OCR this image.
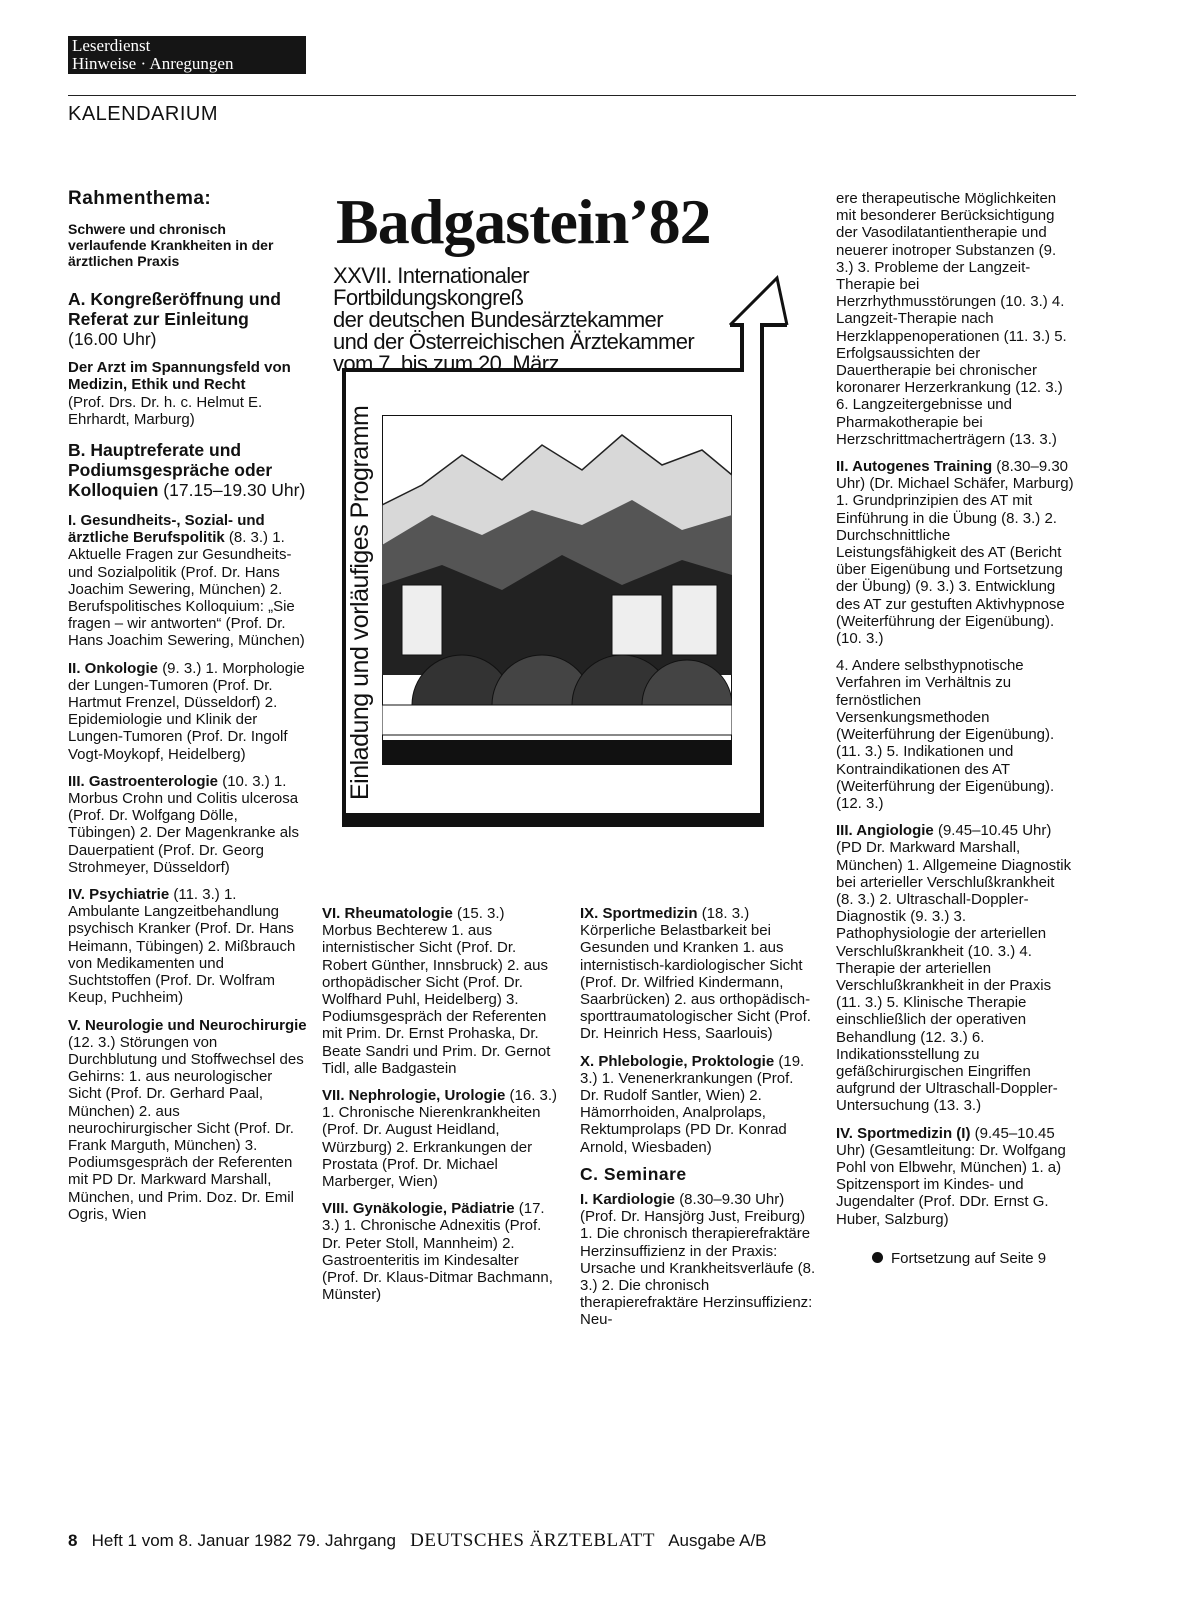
Leserdienst
Hinweise · Anregungen
KALENDARIUM
Rahmenthema:

Schwere und chronisch verlaufende Krankheiten in der ärztlichen Praxis

A. Kongreßeröffnung und Referat zur Einleitung

(16.00 Uhr)

Der Arzt im Spannungsfeld von Medizin, Ethik und Recht

(Prof. Drs. Dr. h. c. Helmut E. Ehrhardt, Marburg)

B. Hauptreferate und Podiumsgespräche oder Kolloquien (17.15–19.30 Uhr)

I. Gesundheits-, Sozial- und ärztliche Berufspolitik (8. 3.) 1. Aktuelle Fragen zur Gesundheits- und Sozialpolitik (Prof. Dr. Hans Joachim Sewering, München) 2. Berufspolitisches Kolloquium: „Sie fragen – wir antworten“ (Prof. Dr. Hans Joachim Sewering, München)

II. Onkologie (9. 3.) 1. Morphologie der Lungen-Tumoren (Prof. Dr. Hartmut Frenzel, Düsseldorf) 2. Epidemiologie und Klinik der Lungen-Tumoren (Prof. Dr. Ingolf Vogt-Moykopf, Heidelberg)

III. Gastroenterologie (10. 3.) 1. Morbus Crohn und Colitis ulcerosa (Prof. Dr. Wolfgang Dölle, Tübingen) 2. Der Magenkranke als Dauerpatient (Prof. Dr. Georg Strohmeyer, Düsseldorf)

IV. Psychiatrie (11. 3.) 1. Ambulante Langzeitbehandlung psychisch Kranker (Prof. Dr. Hans Heimann, Tübingen) 2. Mißbrauch von Medikamenten und Suchtstoffen (Prof. Dr. Wolfram Keup, Puchheim)

V. Neurologie und Neurochirurgie (12. 3.) Störungen von Durchblutung und Stoffwechsel des Gehirns: 1. aus neurologischer Sicht (Prof. Dr. Gerhard Paal, München) 2. aus neurochirurgischer Sicht (Prof. Dr. Frank Marguth, München) 3. Podiumsgespräch der Referenten mit PD Dr. Markward Marshall, München, und Prim. Doz. Dr. Emil Ogris, Wien

Badgastein’82
XXVII. Internationaler Fortbildungskongreß
der deutschen Bundesärztekammer
und der Österreichischen Ärztekammer
vom 7. bis zum 20. März
Einladung und vorläufiges Programm

VI. Rheumatologie (15. 3.) Morbus Bechterew 1. aus internistischer Sicht (Prof. Dr. Robert Günther, Innsbruck) 2. aus orthopädischer Sicht (Prof. Dr. Wolfhard Puhl, Heidelberg) 3. Podiumsgespräch der Referenten mit Prim. Dr. Ernst Prohaska, Dr. Beate Sandri und Prim. Dr. Gernot Tidl, alle Badgastein

VII. Nephrologie, Urologie (16. 3.) 1. Chronische Nierenkrankheiten (Prof. Dr. August Heidland, Würzburg) 2. Erkrankungen der Prostata (Prof. Dr. Michael Marberger, Wien)

VIII. Gynäkologie, Pädiatrie (17. 3.) 1. Chronische Adnexitis (Prof. Dr. Peter Stoll, Mannheim) 2. Gastroenteritis im Kindesalter (Prof. Dr. Klaus-Ditmar Bachmann, Münster)

IX. Sportmedizin (18. 3.) Körperliche Belastbarkeit bei Gesunden und Kranken 1. aus internistisch-kardiologischer Sicht (Prof. Dr. Wilfried Kindermann, Saarbrücken) 2. aus orthopädisch-sporttraumatologischer Sicht (Prof. Dr. Heinrich Hess, Saarlouis)

X. Phlebologie, Proktologie (19. 3.) 1. Venenerkrankungen (Prof. Dr. Rudolf Santler, Wien) 2. Hämorrhoiden, Analprolaps, Rektumprolaps (PD Dr. Konrad Arnold, Wiesbaden)

C. Seminare

I. Kardiologie (8.30–9.30 Uhr) (Prof. Dr. Hansjörg Just, Freiburg) 1. Die chronisch therapierefraktäre Herzinsuffizienz in der Praxis: Ursache und Krankheitsverläufe (8. 3.) 2. Die chronisch therapierefraktäre Herzinsuffizienz: Neu-

ere therapeutische Möglichkeiten mit besonderer Berücksichtigung der Vasodilatantientherapie und neuerer inotroper Substanzen (9. 3.) 3. Probleme der Langzeit-Therapie bei Herzrhythmusstörungen (10. 3.) 4. Langzeit-Therapie nach Herzklappenoperationen (11. 3.) 5. Erfolgsaussichten der Dauertherapie bei chronischer koronarer Herzerkrankung (12. 3.) 6. Langzeitergebnisse und Pharmakotherapie bei Herzschrittmacherträgern (13. 3.)

II. Autogenes Training (8.30–9.30 Uhr) (Dr. Michael Schäfer, Marburg) 1. Grundprinzipien des AT mit Einführung in die Übung (8. 3.) 2. Durchschnittliche Leistungsfähigkeit des AT (Bericht über Eigenübung und Fortsetzung der Übung) (9. 3.) 3. Entwicklung des AT zur gestuften Aktivhypnose (Weiterführung der Eigenübung). (10. 3.)

4. Andere selbsthypnotische Verfahren im Verhältnis zu fernöstlichen Versenkungsmethoden (Weiterführung der Eigenübung). (11. 3.) 5. Indikationen und Kontraindikationen des AT (Weiterführung der Eigenübung). (12. 3.)

III. Angiologie (9.45–10.45 Uhr) (PD Dr. Markward Marshall, München) 1. Allgemeine Diagnostik bei arterieller Verschlußkrankheit (8. 3.) 2. Ultraschall-Doppler-Diagnostik (9. 3.) 3. Pathophysiologie der arteriellen Verschlußkrankheit (10. 3.) 4. Therapie der arteriellen Verschlußkrankheit in der Praxis (11. 3.) 5. Klinische Therapie einschließlich der operativen Behandlung (12. 3.) 6. Indikationsstellung zu gefäßchirurgischen Eingriffen aufgrund der Ultraschall-Doppler-Untersuchung (13. 3.)

IV. Sportmedizin (I) (9.45–10.45 Uhr) (Gesamtleitung: Dr. Wolfgang Pohl von Elbwehr, München) 1. a) Spitzensport im Kindes- und Jugendalter (Prof. DDr. Ernst G. Huber, Salzburg)

Fortsetzung auf Seite 9
8 Heft 1 vom 8. Januar 1982 79. Jahrgang DEUTSCHES ÄRZTEBLATT Ausgabe A/B
